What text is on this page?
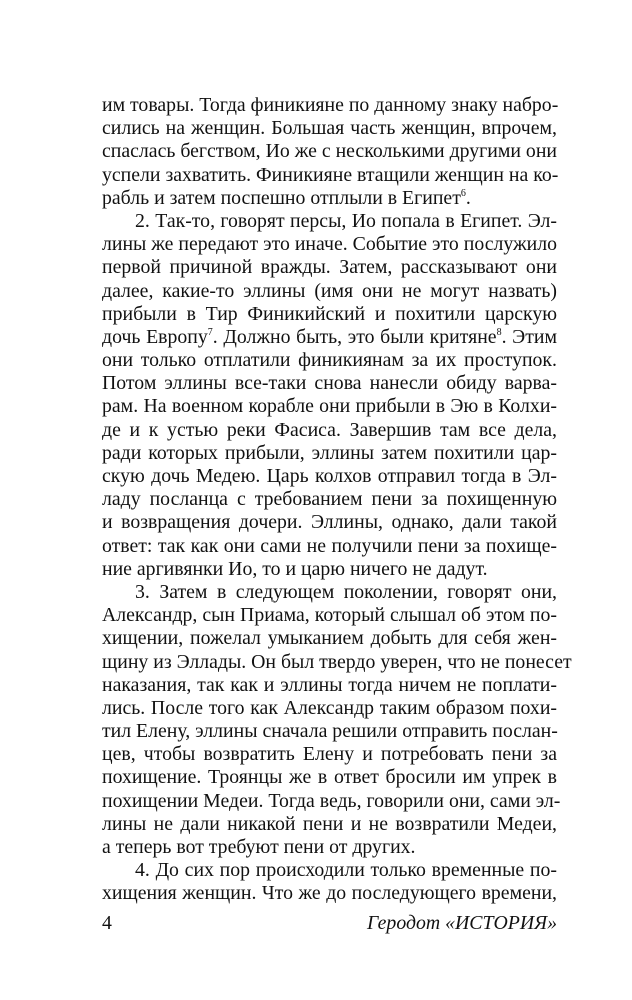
им товары. Тогда финикияне по данному знаку набро-
сились на женщин. Большая часть женщин, впрочем,
спаслась бегством, Ио же с несколькими другими они
успели захватить. Финикияне втащили женщин на ко-
рабль и затем поспешно отплыли в Египет$^6$.
2. Так-то, говорят персы, Ио попала в Египет. Эл-
лины же передают это иначе. Событие это послужило
первой причиной вражды. Затем, рассказывают они
далее, какие-то эллины (имя они не могут назвать)
прибыли в Тир Финикийский и похитили царскую
дочь Европу$^7$. Должно быть, это были критяне$^8$. Этим
они только отплатили финикиянам за их проступок.
Потом эллины все-таки снова нанесли обиду варва-
рам. На военном корабле они прибыли в Эю в Колхи-
де и к устью реки Фасиса. Завершив там все дела,
ради которых прибыли, эллины затем похитили цар-
скую дочь Медею. Царь колхов отправил тогда в Эл-
ладу посланца с требованием пени за похищенную
и возвращения дочери. Эллины, однако, дали такой
ответ: так как они сами не получили пени за похище-
ние аргивянки Ио, то и царю ничего не дадут.
3. Затем в следующем поколении, говорят они,
Александр, сын Приама, который слышал об этом по-
хищении, пожелал умыканием добыть для себя жен-
щину из Эллады. Он был твердо уверен, что не понесет
наказания, так как и эллины тогда ничем не поплати-
лись. После того как Александр таким образом похи-
тил Елену, эллины сначала решили отправить послан-
цев, чтобы возвратить Елену и потребовать пени за
похищение. Троянцы же в ответ бросили им упрек в
похищении Медеи. Тогда ведь, говорили они, сами эл-
лины не дали никакой пени и не возвратили Медеи,
а теперь вот требуют пени от других.
4. До сих пор происходили только временные по-
хищения женщин. Что же до последующего времени,
4	Геродот «ИСТОРИЯ»
